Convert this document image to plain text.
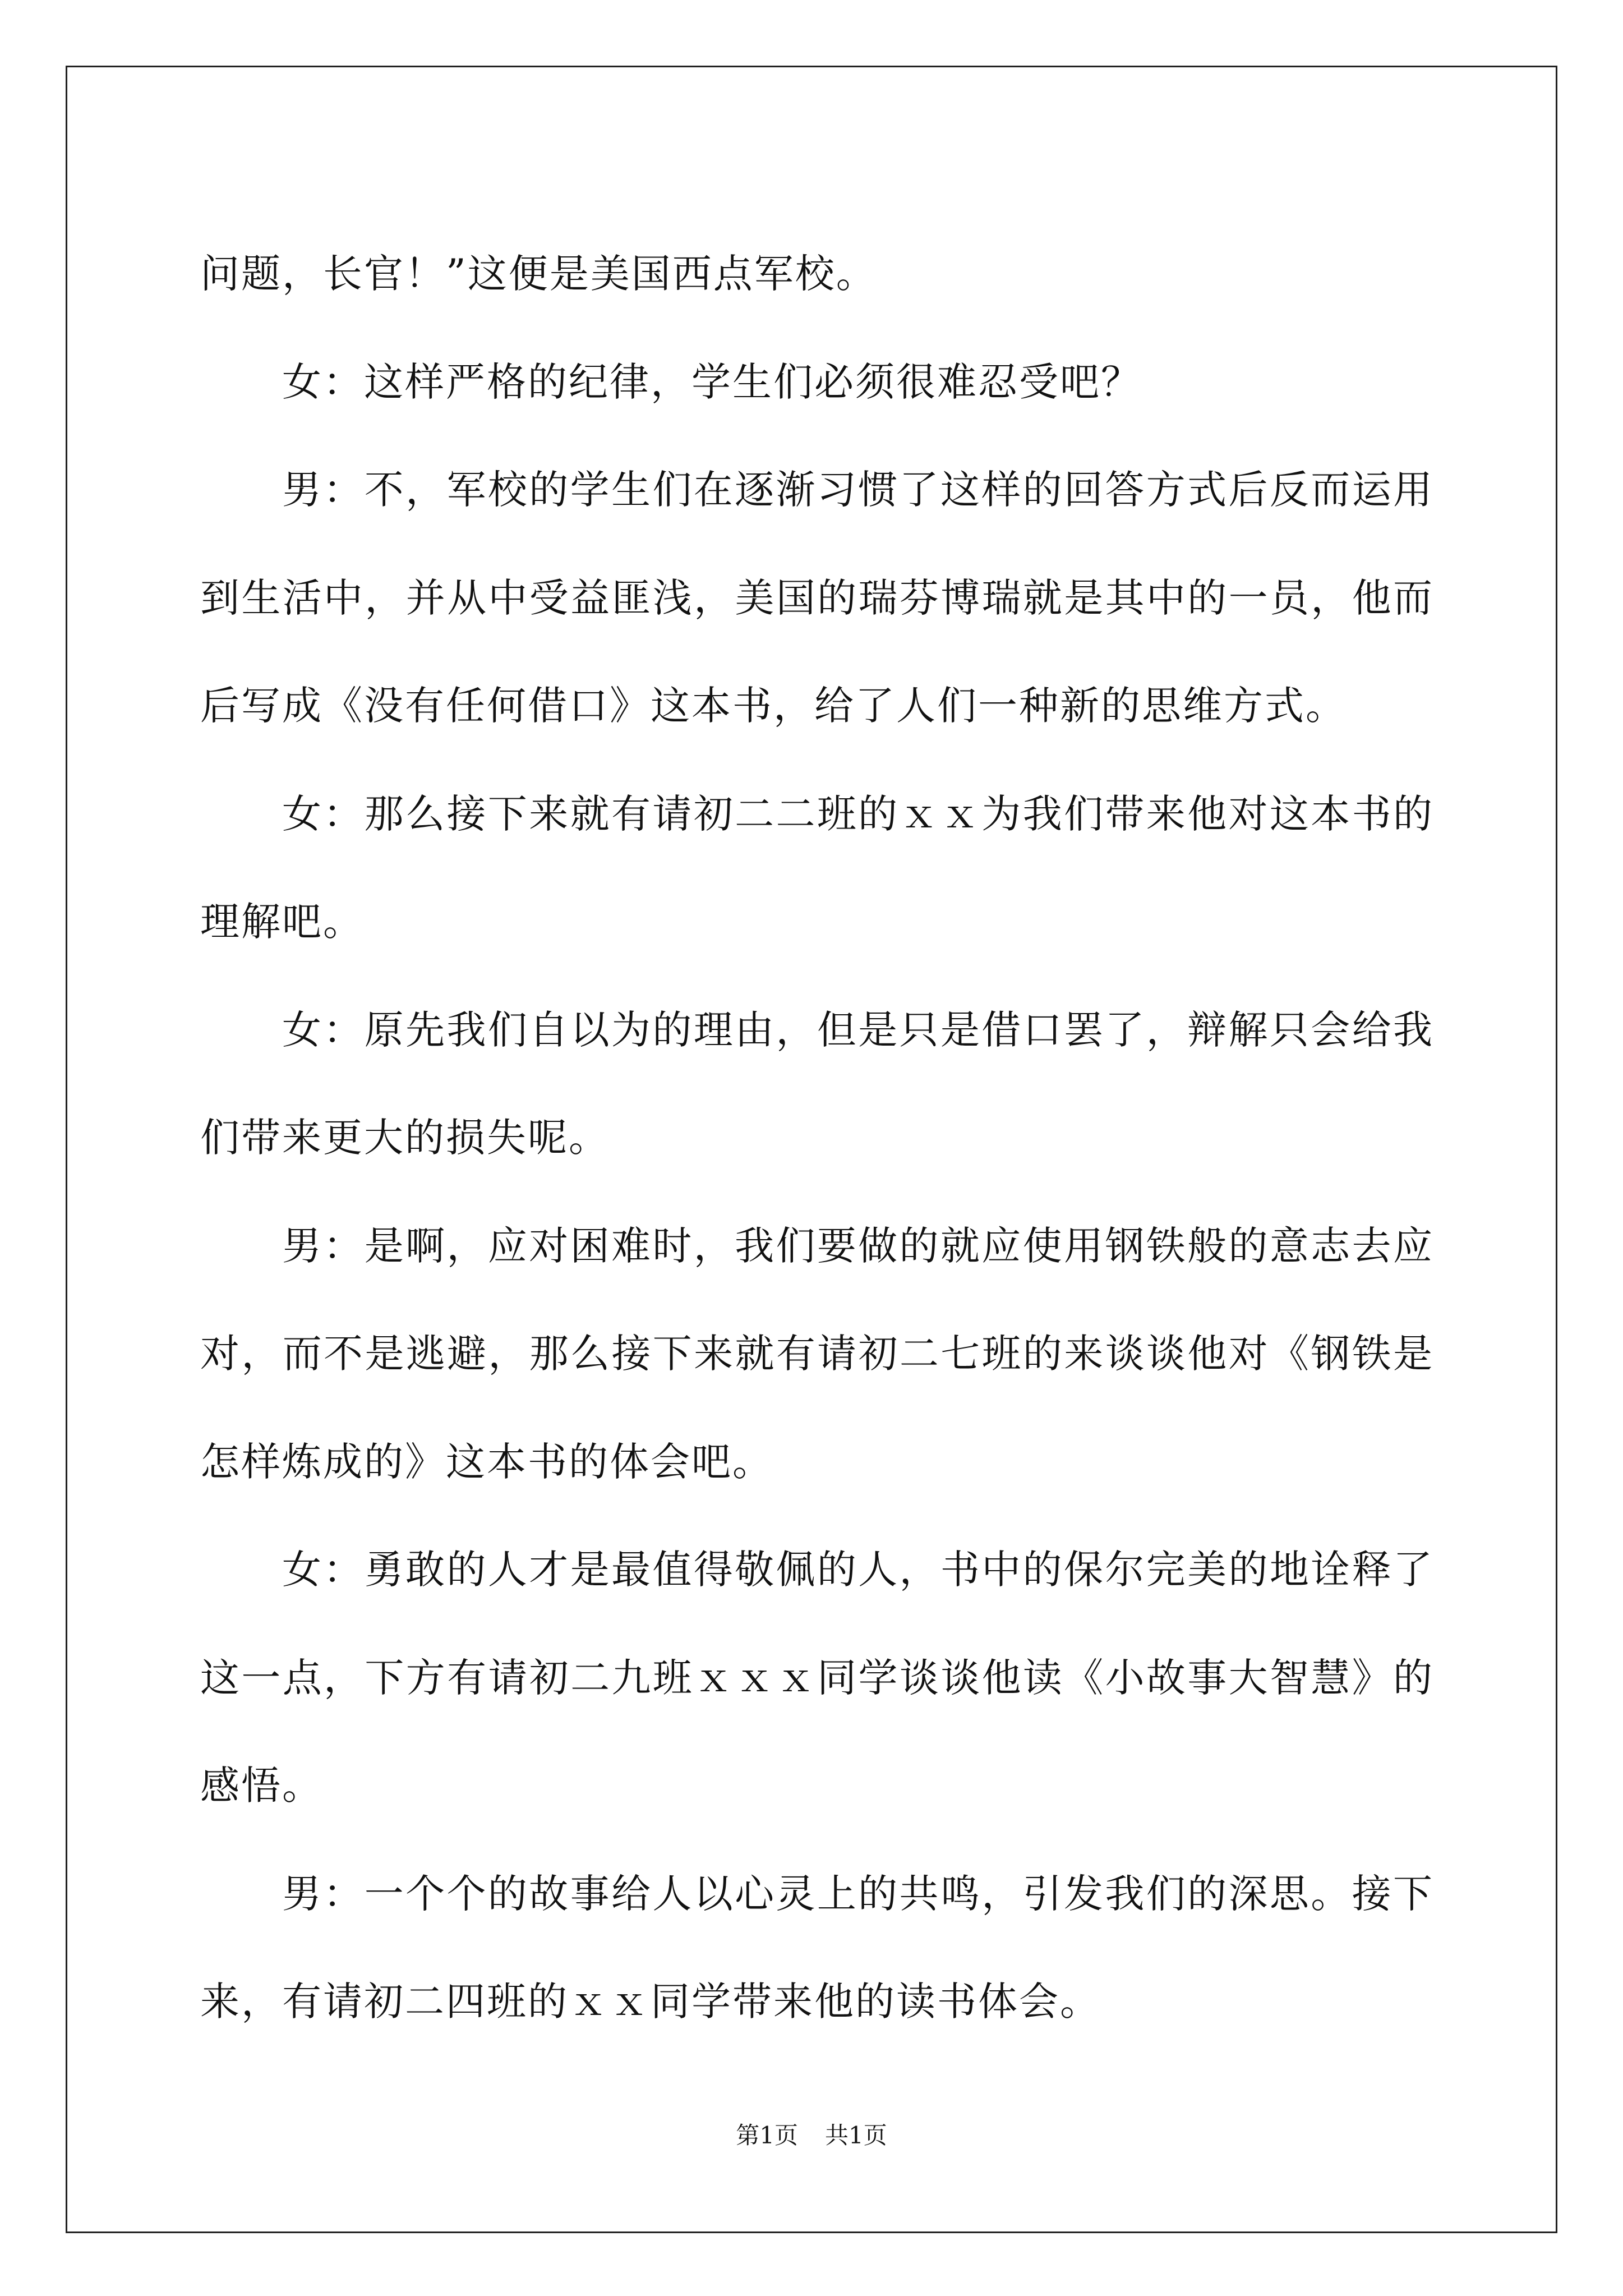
问题，长官！”这便是美国西点军校。

女：这样严格的纪律，学生们必须很难忍受吧？

男：不，军校的学生们在逐渐习惯了这样的回答方式后反而运用到生活中，并从中受益匪浅，美国的瑞芬博瑞就是其中的一员，他而后写成《没有任何借口》这本书，给了人们一种新的思维方式。

女：那么接下来就有请初二二班的ｘｘ为我们带来他对这本书的理解吧。

女：原先我们自以为的理由，但是只是借口罢了，辩解只会给我们带来更大的损失呢。

男：是啊，应对困难时，我们要做的就应使用钢铁般的意志去应对，而不是逃避，那么接下来就有请初二七班的来谈谈他对《钢铁是怎样炼成的》这本书的体会吧。

女：勇敢的人才是最值得敬佩的人，书中的保尔完美的地诠释了这一点，下方有请初二九班ｘｘｘ同学谈谈他读《小故事大智慧》的感悟。

男：一个个的故事给人以心灵上的共鸣，引发我们的深思。接下来，有请初二四班的ｘｘ同学带来他的读书体会。

第1页 共1页
